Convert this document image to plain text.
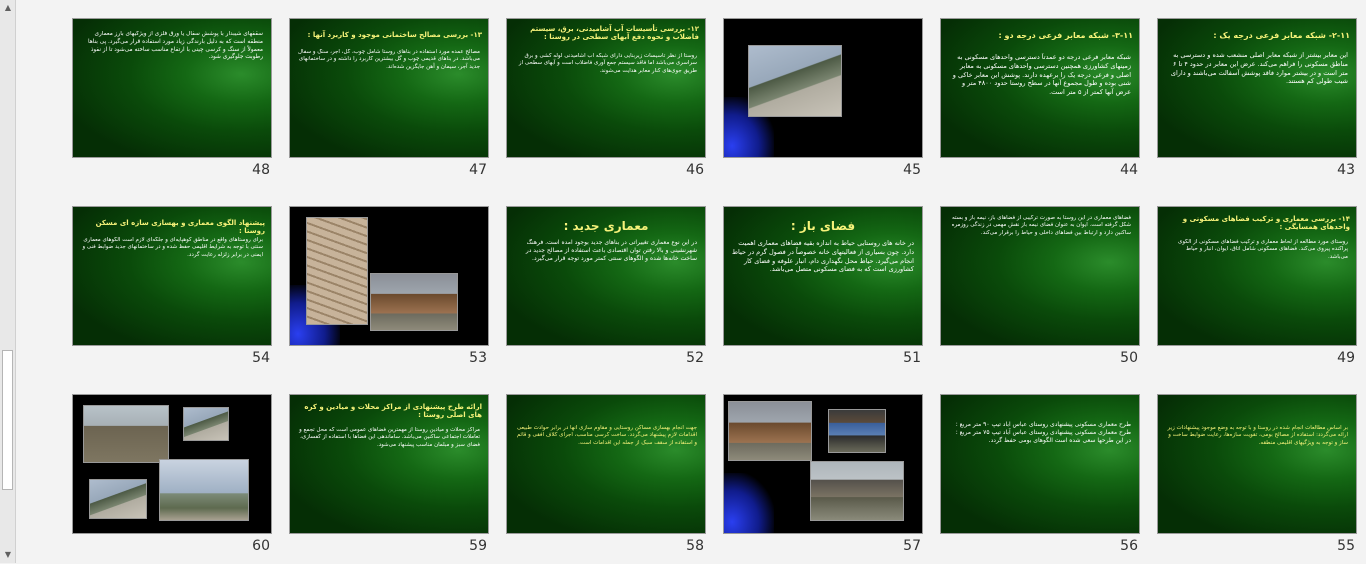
▲
▼
۲-۱۱- شبکه معابر فرعی درجه یک :
این معابر بیشتر از شبکه معابر اصلی منشعب شده و دسترسی به مناطق مسکونی را فراهم می‌کند. عرض این معابر در حدود ۴ تا ۶ متر است و در بیشتر موارد فاقد پوشش آسفالت می‌باشند و دارای شیب طولی کم هستند.
43
۳-۱۱- شبکه معابر فرعی درجه دو :
شبکه معابر فرعی درجه دو عمدتاً دسترسی واحدهای مسکونی به زمینهای کشاورزی همچنین دسترسی واحدهای مسکونی به معابر اصلی و فرعی درجه یک را برعهده دارند. پوشش این معابر خاکی و شنی بوده و طول مجموع آنها در سطح روستا حدود ۴۸۰۰ متر و عرض آنها کمتر از ۵ متر است.
44
45
۱۲- بررسی تأسیسات آب آشامیدنی، برق، سیستم فاضلاب و نحوه دفع آبهای سطحی در روستا :
روستا از نظر تأسیسات زیربنایی دارای شبکه آب آشامیدنی لوله کشی و برق سراسری می‌باشد اما فاقد سیستم جمع آوری فاضلاب است و آبهای سطحی از طریق جوی‌های کنار معابر هدایت می‌شوند.
46
۱۳- بررسی مصالح ساختمانی موجود و کاربرد آنها :
مصالح عمده مورد استفاده در بناهای روستا شامل چوب، گل، آجر، سنگ و سفال می‌باشد. در بناهای قدیمی چوب و گل بیشترین کاربرد را داشته و در ساختمانهای جدید آجر، سیمان و آهن جایگزین شده‌اند.
47
سقفهای شیبدار با پوشش سفال یا ورق فلزی از ویژگیهای بارز معماری منطقه است که به دلیل بارندگی زیاد مورد استفاده قرار می‌گیرد. پی بناها معمولاً از سنگ و کرسی چینی با ارتفاع مناسب ساخته می‌شود تا از نفوذ رطوبت جلوگیری شود.
48
۱۴- بررسی معماری و ترکیب فضاهای مسکونی و واحدهای همسایگی :
روستای مورد مطالعه از لحاظ معماری و ترکیب فضاهای مسکونی از الگوی پراکنده پیروی می‌کند. فضاهای مسکونی شامل اتاق، ایوان، انبار و حیاط می‌باشد.
49
فضاهای معماری در این روستا به صورت ترکیبی از فضاهای باز، نیمه باز و بسته شکل گرفته است. ایوان به عنوان فضای نیمه باز نقش مهمی در زندگی روزمره ساکنین دارد و ارتباط بین فضاهای داخلی و حیاط را برقرار می‌کند.
50
فضای باز :
در خانه های روستایی حیاط به اندازه بقیه فضاهای معماری اهمیت دارد. چون بسیاری از فعالیتهای خانه خصوصاً در فصول گرم در حیاط انجام می‌گیرد. حیاط محل نگهداری دام، انبار علوفه و فضای کار کشاورزی است که به فضای مسکونی متصل می‌باشد.
51
معماری جدید :
در این نوع معماری تغییراتی در بناهای جدید بوجود آمده است. فرهنگ شهرنشینی و بالا رفتن توان اقتصادی باعث استفاده از مصالح جدید در ساخت خانه‌ها شده و الگوهای سنتی کمتر مورد توجه قرار می‌گیرد.
52
53
پیشنهاد الگوی معماری و بهسازی سازه ای مسکن روستا :
برای روستاهای واقع در مناطق کوهپایه‌ای و جلگه‌ای لازم است الگوهای معماری سنتی با توجه به شرایط اقلیمی حفظ شده و در ساختمانهای جدید ضوابط فنی و ایمنی در برابر زلزله رعایت گردد.
54
بر اساس مطالعات انجام شده در روستا و با توجه به وضع موجود پیشنهادات زیر ارائه می‌گردد: استفاده از مصالح بومی، تقویت سازه‌ها، رعایت ضوابط ساخت و ساز و توجه به ویژگیهای اقلیمی منطقه.
55
طرح معماری مسکونی پیشنهادی روستای عباس آباد تیپ ۹۰ متر مربع : طرح معماری مسکونی پیشنهادی روستای عباس آباد تیپ ۷۵ متر مربع : در این طرحها سعی شده است الگوهای بومی حفظ گردد.
56
57
جهت انجام بهسازی مساکن روستایی و مقاوم سازی آنها در برابر حوادث طبیعی اقدامات لازم پیشنهاد می‌گردد. ساخت کرسی مناسب، اجرای کلاف افقی و قائم و استفاده از سقف سبک از جمله این اقدامات است.
58
ارائه طرح پیشنهادی از مراکز محلات و میادین و کره های اصلی روستا :
مراکز محلات و میادین روستا از مهمترین فضاهای عمومی است که محل تجمع و تعاملات اجتماعی ساکنین می‌باشد. ساماندهی این فضاها با استفاده از کفسازی، فضای سبز و مبلمان مناسب پیشنهاد می‌شود.
59
60
